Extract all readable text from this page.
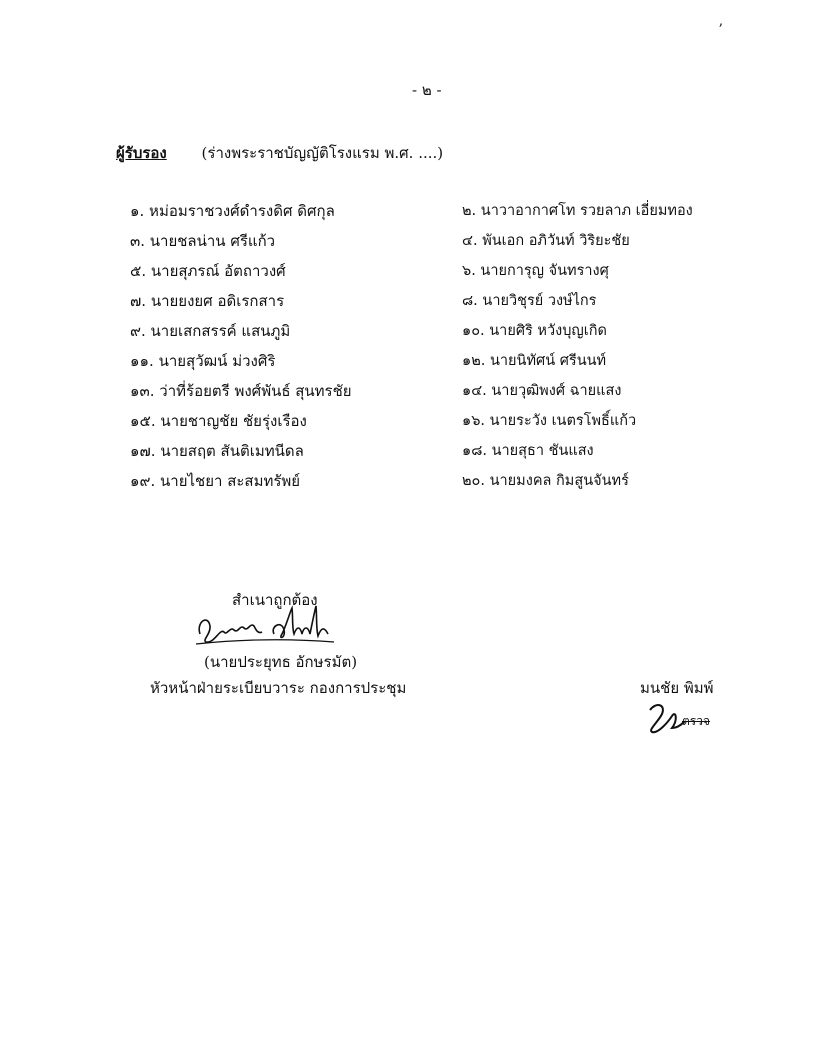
ʼ
- ๒ -
ผู้รับรอง (ร่างพระราชบัญญัติโรงแรม พ.ศ. ....)
๑. หม่อมราชวงศ์ดำรงดิศ ดิศกุล
๓. นายชลน่าน ศรีแก้ว
๕. นายสุภรณ์ อัตถาวงศ์
๗. นายยงยศ อดิเรกสาร
๙. นายเสกสรรค์ แสนภูมิ
๑๑. นายสุวัฒน์ ม่วงศิริ
๑๓. ว่าที่ร้อยตรี พงศ์พันธ์ สุนทรชัย
๑๕. นายชาญชัย ชัยรุ่งเรือง
๑๗. นายสฤต สันติเมทนีดล
๑๙. นายไชยา สะสมทรัพย์
๒. นาวาอากาศโท รวยลาภ เอี่ยมทอง
๔. พันเอก อภิวันท์ วิริยะชัย
๖. นายการุญ จันทรางศุ
๘. นายวิชุรย์ วงษ์ไกร
๑๐. นายศิริ หวังบุญเกิด
๑๒. นายนิทัศน์ ศรีนนท์
๑๔. นายวุฒิพงศ์ ฉายแสง
๑๖. นายระวัง เนตรโพธิ์แก้ว
๑๘. นายสุธา ชันแสง
๒๐. นายมงคล กิมสูนจันทร์
สำเนาถูกต้อง
(นายประยุทธ อักษรมัต)
หัวหน้าฝ่ายระเบียบวาระ กองการประชุม	มนชัย พิมพ์
ตรวจ
